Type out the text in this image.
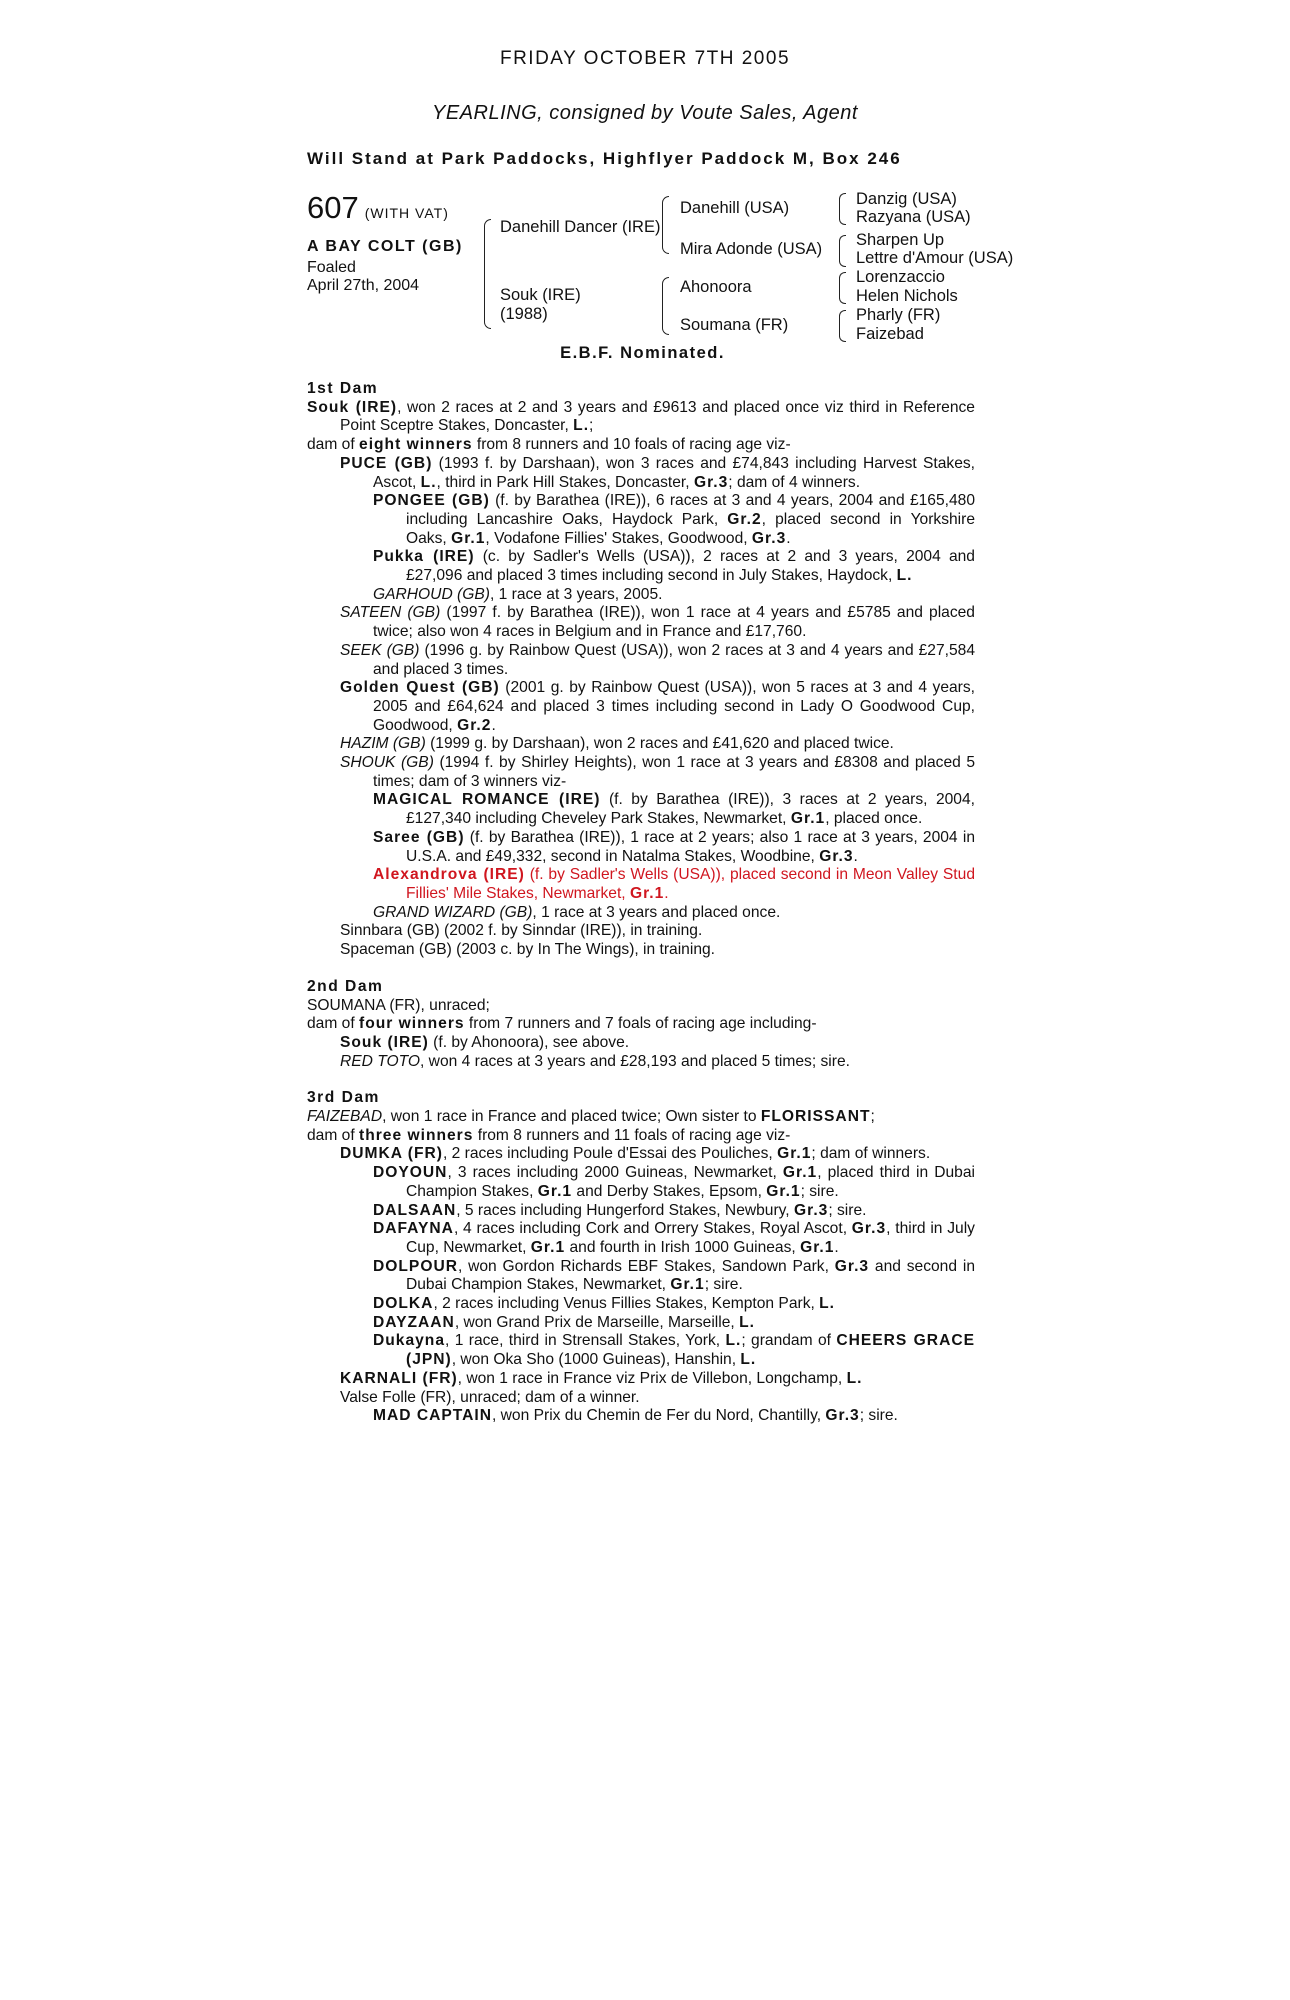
FRIDAY OCTOBER 7TH 2005
YEARLING, consigned by Voute Sales, Agent
Will Stand at Park Paddocks, Highflyer Paddock M, Box 246
607 (WITH VAT)
A BAY COLT (GB)
Foaled
April 27th, 2004
Danehill Dancer (IRE)
Souk (IRE)
(1988)
Danehill (USA)
Mira Adonde (USA)
Ahonoora
Soumana (FR)
Danzig (USA)
Razyana (USA)
Sharpen Up
Lettre d'Amour (USA)
Lorenzaccio
Helen Nichols
Pharly (FR)
Faizebad
E.B.F. Nominated.
1st Dam

Souk (IRE), won 2 races at 2 and 3 years and £9613 and placed once viz third in Reference Point Sceptre Stakes, Doncaster, L.;

dam of eight winners from 8 runners and 10 foals of racing age viz-

PUCE (GB) (1993 f. by Darshaan), won 3 races and £74,843 including Harvest Stakes, Ascot, L., third in Park Hill Stakes, Doncaster, Gr.3; dam of 4 winners.

PONGEE (GB) (f. by Barathea (IRE)), 6 races at 3 and 4 years, 2004 and £165,480 including Lancashire Oaks, Haydock Park, Gr.2, placed second in Yorkshire Oaks, Gr.1, Vodafone Fillies' Stakes, Goodwood, Gr.3.

Pukka (IRE) (c. by Sadler's Wells (USA)), 2 races at 2 and 3 years, 2004 and £27,096 and placed 3 times including second in July Stakes, Haydock, L.

GARHOUD (GB), 1 race at 3 years, 2005.

SATEEN (GB) (1997 f. by Barathea (IRE)), won 1 race at 4 years and £5785 and placed twice; also won 4 races in Belgium and in France and £17,760.

SEEK (GB) (1996 g. by Rainbow Quest (USA)), won 2 races at 3 and 4 years and £27,584 and placed 3 times.

Golden Quest (GB) (2001 g. by Rainbow Quest (USA)), won 5 races at 3 and 4 years, 2005 and £64,624 and placed 3 times including second in Lady O Goodwood Cup, Goodwood, Gr.2.

HAZIM (GB) (1999 g. by Darshaan), won 2 races and £41,620 and placed twice.

SHOUK (GB) (1994 f. by Shirley Heights), won 1 race at 3 years and £8308 and placed 5 times; dam of 3 winners viz-

MAGICAL ROMANCE (IRE) (f. by Barathea (IRE)), 3 races at 2 years, 2004, £127,340 including Cheveley Park Stakes, Newmarket, Gr.1, placed once.

Saree (GB) (f. by Barathea (IRE)), 1 race at 2 years; also 1 race at 3 years, 2004 in U.S.A. and £49,332, second in Natalma Stakes, Woodbine, Gr.3.

Alexandrova (IRE) (f. by Sadler's Wells (USA)), placed second in Meon Valley Stud Fillies' Mile Stakes, Newmarket, Gr.1.

GRAND WIZARD (GB), 1 race at 3 years and placed once.

Sinnbara (GB) (2002 f. by Sinndar (IRE)), in training.

Spaceman (GB) (2003 c. by In The Wings), in training.

2nd Dam

SOUMANA (FR), unraced;

dam of four winners from 7 runners and 7 foals of racing age including-

Souk (IRE) (f. by Ahonoora), see above.

RED TOTO, won 4 races at 3 years and £28,193 and placed 5 times; sire.

3rd Dam

FAIZEBAD, won 1 race in France and placed twice; Own sister to FLORISSANT;

dam of three winners from 8 runners and 11 foals of racing age viz-

DUMKA (FR), 2 races including Poule d'Essai des Pouliches, Gr.1; dam of winners.

DOYOUN, 3 races including 2000 Guineas, Newmarket, Gr.1, placed third in Dubai Champion Stakes, Gr.1 and Derby Stakes, Epsom, Gr.1; sire.

DALSAAN, 5 races including Hungerford Stakes, Newbury, Gr.3; sire.

DAFAYNA, 4 races including Cork and Orrery Stakes, Royal Ascot, Gr.3, third in July Cup, Newmarket, Gr.1 and fourth in Irish 1000 Guineas, Gr.1.

DOLPOUR, won Gordon Richards EBF Stakes, Sandown Park, Gr.3 and second in Dubai Champion Stakes, Newmarket, Gr.1; sire.

DOLKA, 2 races including Venus Fillies Stakes, Kempton Park, L.

DAYZAAN, won Grand Prix de Marseille, Marseille, L.

Dukayna, 1 race, third in Strensall Stakes, York, L.; grandam of CHEERS GRACE (JPN), won Oka Sho (1000 Guineas), Hanshin, L.

KARNALI (FR), won 1 race in France viz Prix de Villebon, Longchamp, L.

Valse Folle (FR), unraced; dam of a winner.

MAD CAPTAIN, won Prix du Chemin de Fer du Nord, Chantilly, Gr.3; sire.
